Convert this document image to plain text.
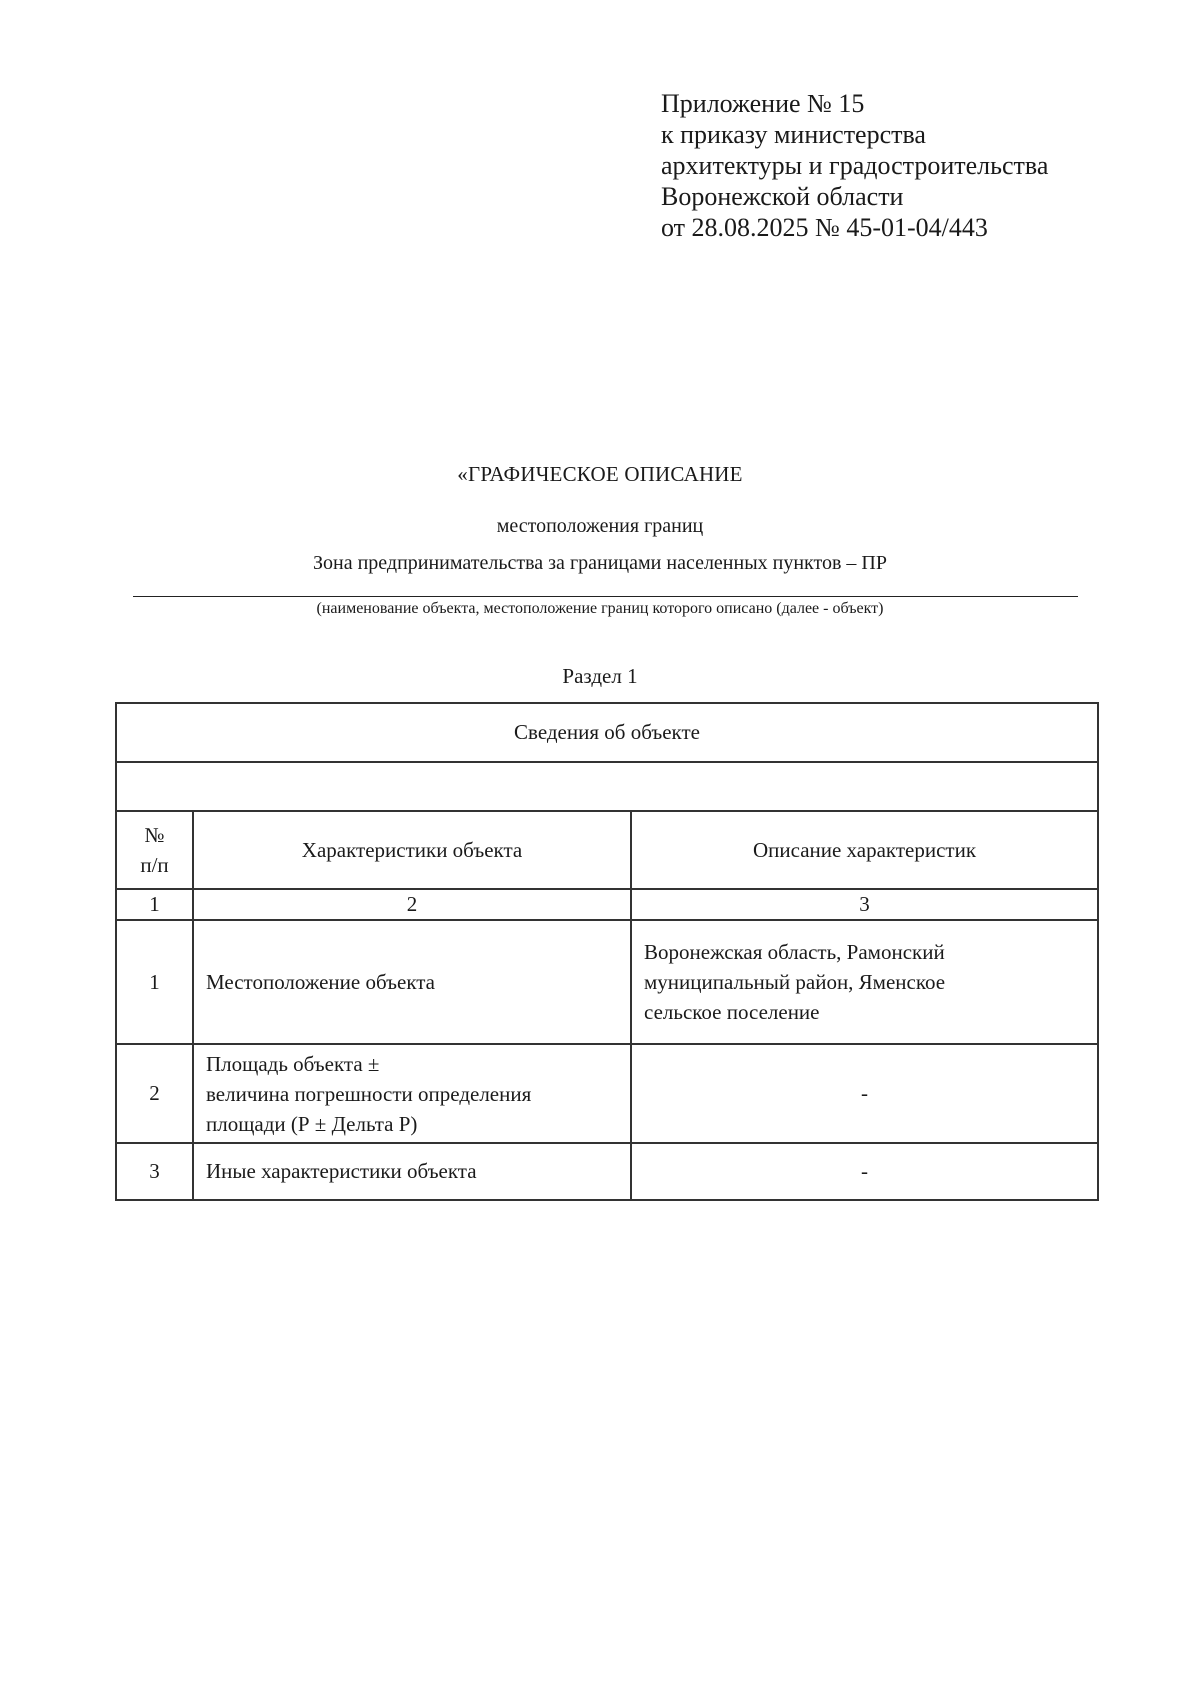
Приложение № 15
к приказу министерства
архитектуры и градостроительства
Воронежской области
от 28.08.2025 № 45-01-04/443
«ГРАФИЧЕСКОЕ ОПИСАНИЕ
местоположения границ
Зона предпринимательства за границами населенных пунктов – ПР
(наименование объекта, местоположение границ которого описано (далее - объект)
Раздел 1
Сведения об объекте		

№
п/п	Характеристики объекта	Описание характеристик
1	2	3
1	Местоположение объекта	Воронежская область, Рамонский
муниципальный район, Яменское
сельское поселение

2	Площадь объекта ±
величина погрешности определения
площади (Р ± Дельта Р)	-
3	Иные характеристики объекта	-
